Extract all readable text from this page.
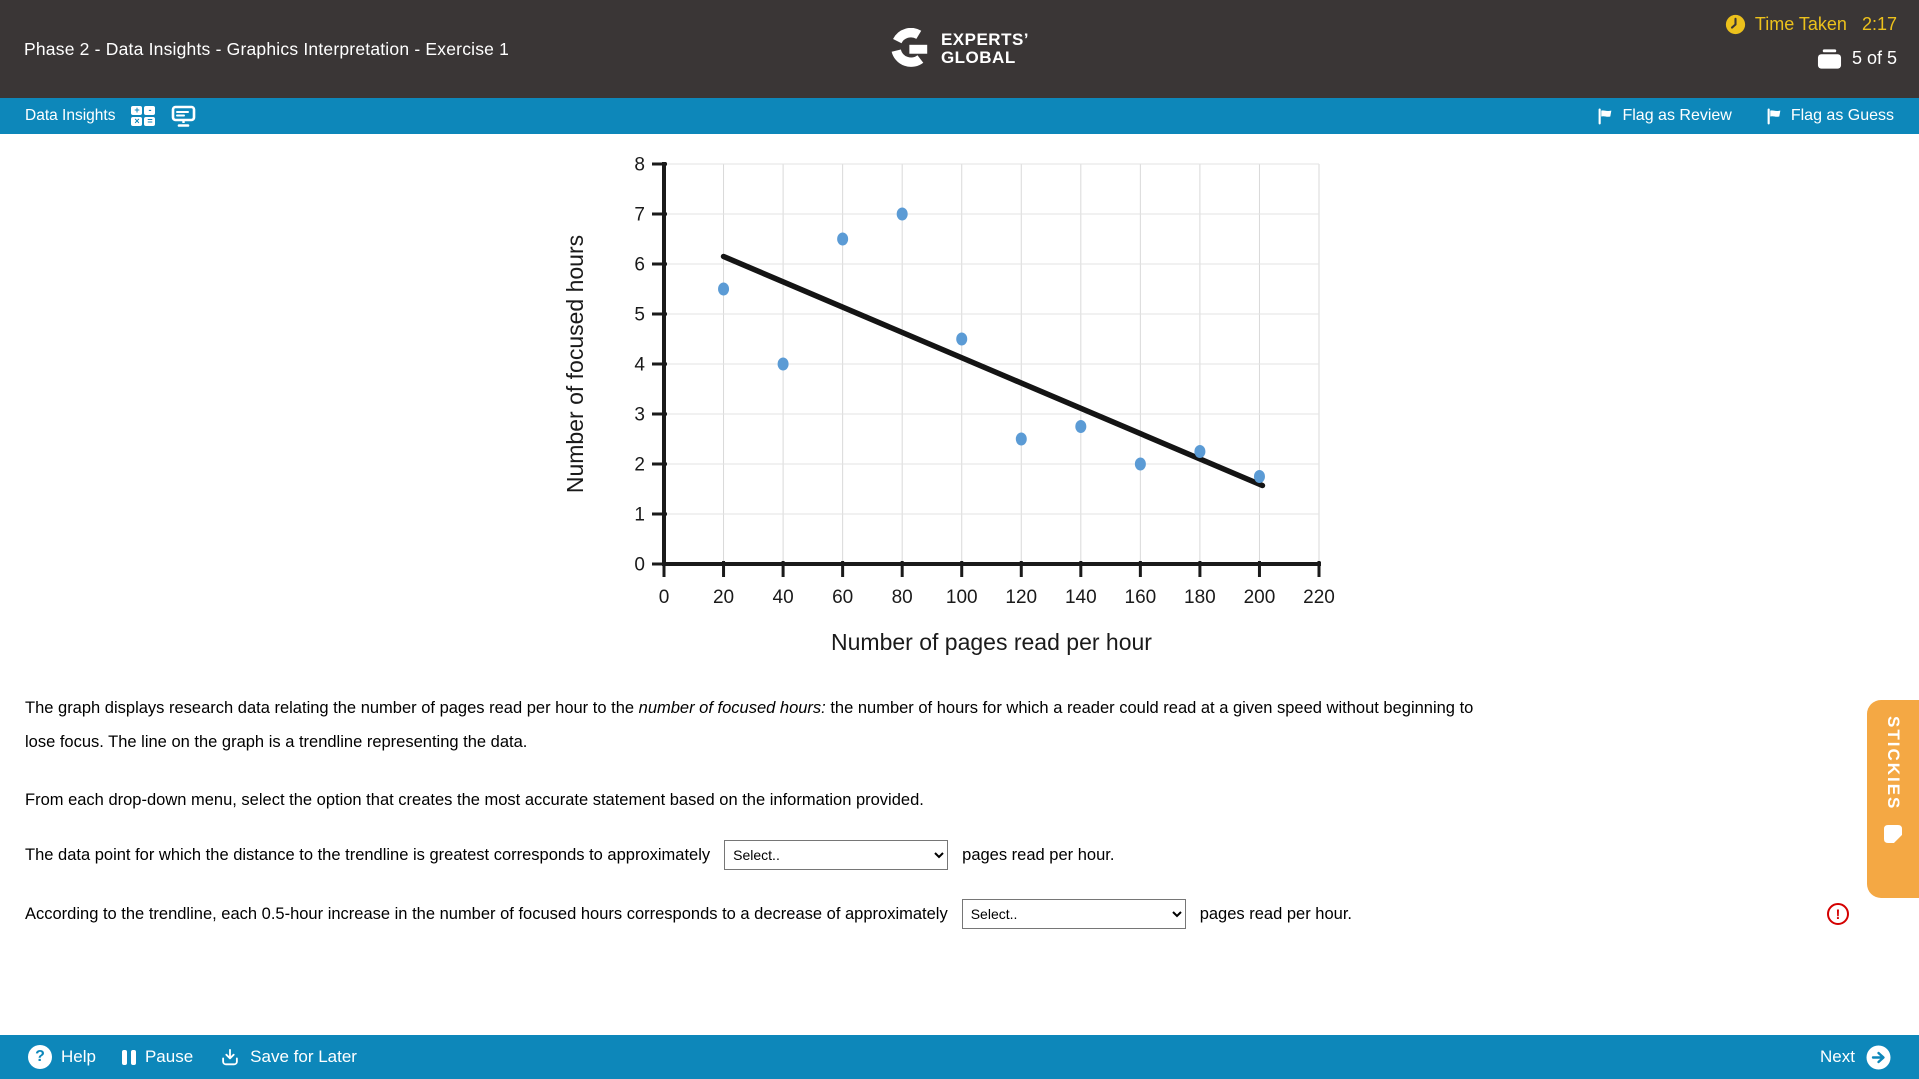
Phase 2 - Data Insights - Graphics Interpretation - Exercise 1	EXPERTS’
GLOBAL
Time Taken 2:17
5 of 5
Data Insights + - × =	Flag as Review	Flag as Guess
0
1
2
3
4
5
6
7
8
0 20 40 60 80 100 120 140 160 180 200 220
Number of pages read per hour
Number of focused hours

The graph displays research data relating the number of pages read per hour to the number of focused hours: the number of hours for which a reader could read at a given speed without beginning to lose focus. The line on the graph is a trendline representing the data.

From each drop-down menu, select the option that creates the most accurate statement based on the information provided.

The data point for which the distance to the trendline is greatest corresponds to approximately
Select..	pages read per hour.
According to the trendline, each 0.5-hour increase in the number of focused hours corresponds to a decrease of approximately
Select..	pages read per hour.
!
STICKIES
?
Help	Pause	Save for Later	Next
